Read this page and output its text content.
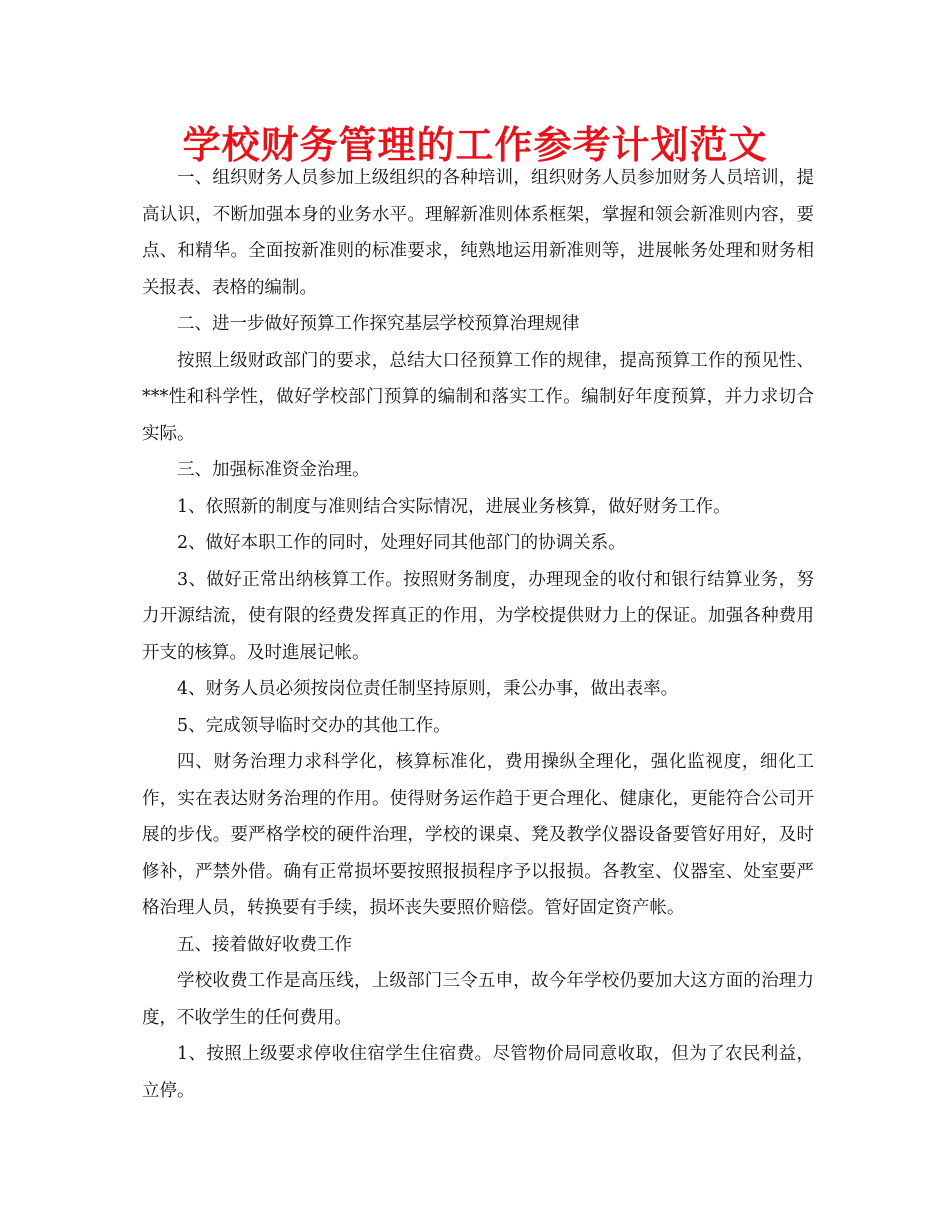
学校财务管理的工作参考计划范文

一、组织财务人员参加上级组织的各种培训，组织财务人员参加财务人员培训，提高认识，不断加强本身的业务水平。理解新准则体系框架，掌握和领会新准则内容，要点、和精华。全面按新准则的标准要求，纯熟地运用新准则等，进展帐务处理和财务相关报表、表格的编制。

二、进一步做好预算工作探究基层学校预算治理规律

按照上级财政部门的要求，总结大口径预算工作的规律，提高预算工作的预见性、***性和科学性，做好学校部门预算的编制和落实工作。编制好年度预算，并力求切合实际。

三、加强标准资金治理。

1、依照新的制度与准则结合实际情况，进展业务核算，做好财务工作。

2、做好本职工作的同时，处理好同其他部门的协调关系。

3、做好正常出纳核算工作。按照财务制度，办理现金的收付和银行结算业务，努力开源结流，使有限的经费发挥真正的作用，为学校提供财力上的保证。加强各种费用开支的核算。及时進展记帐。

4、财务人员必须按岗位责任制坚持原则，秉公办事，做出表率。

5、完成领导临时交办的其他工作。

四、财务治理力求科学化，核算标准化，费用操纵全理化，强化监视度，细化工作，实在表达财务治理的作用。使得财务运作趋于更合理化、健康化，更能符合公司开展的步伐。要严格学校的硬件治理，学校的课桌、凳及教学仪器设备要管好用好，及时修补，严禁外借。确有正常损坏要按照报损程序予以报损。各教室、仪器室、处室要严格治理人员，转换要有手续，损坏丧失要照价赔偿。管好固定资产帐。

五、接着做好收费工作

学校收费工作是高压线，上级部门三令五申，故今年学校仍要加大这方面的治理力度，不收学生的任何费用。

1、按照上级要求停收住宿学生住宿费。尽管物价局同意收取，但为了农民利益，立停。
